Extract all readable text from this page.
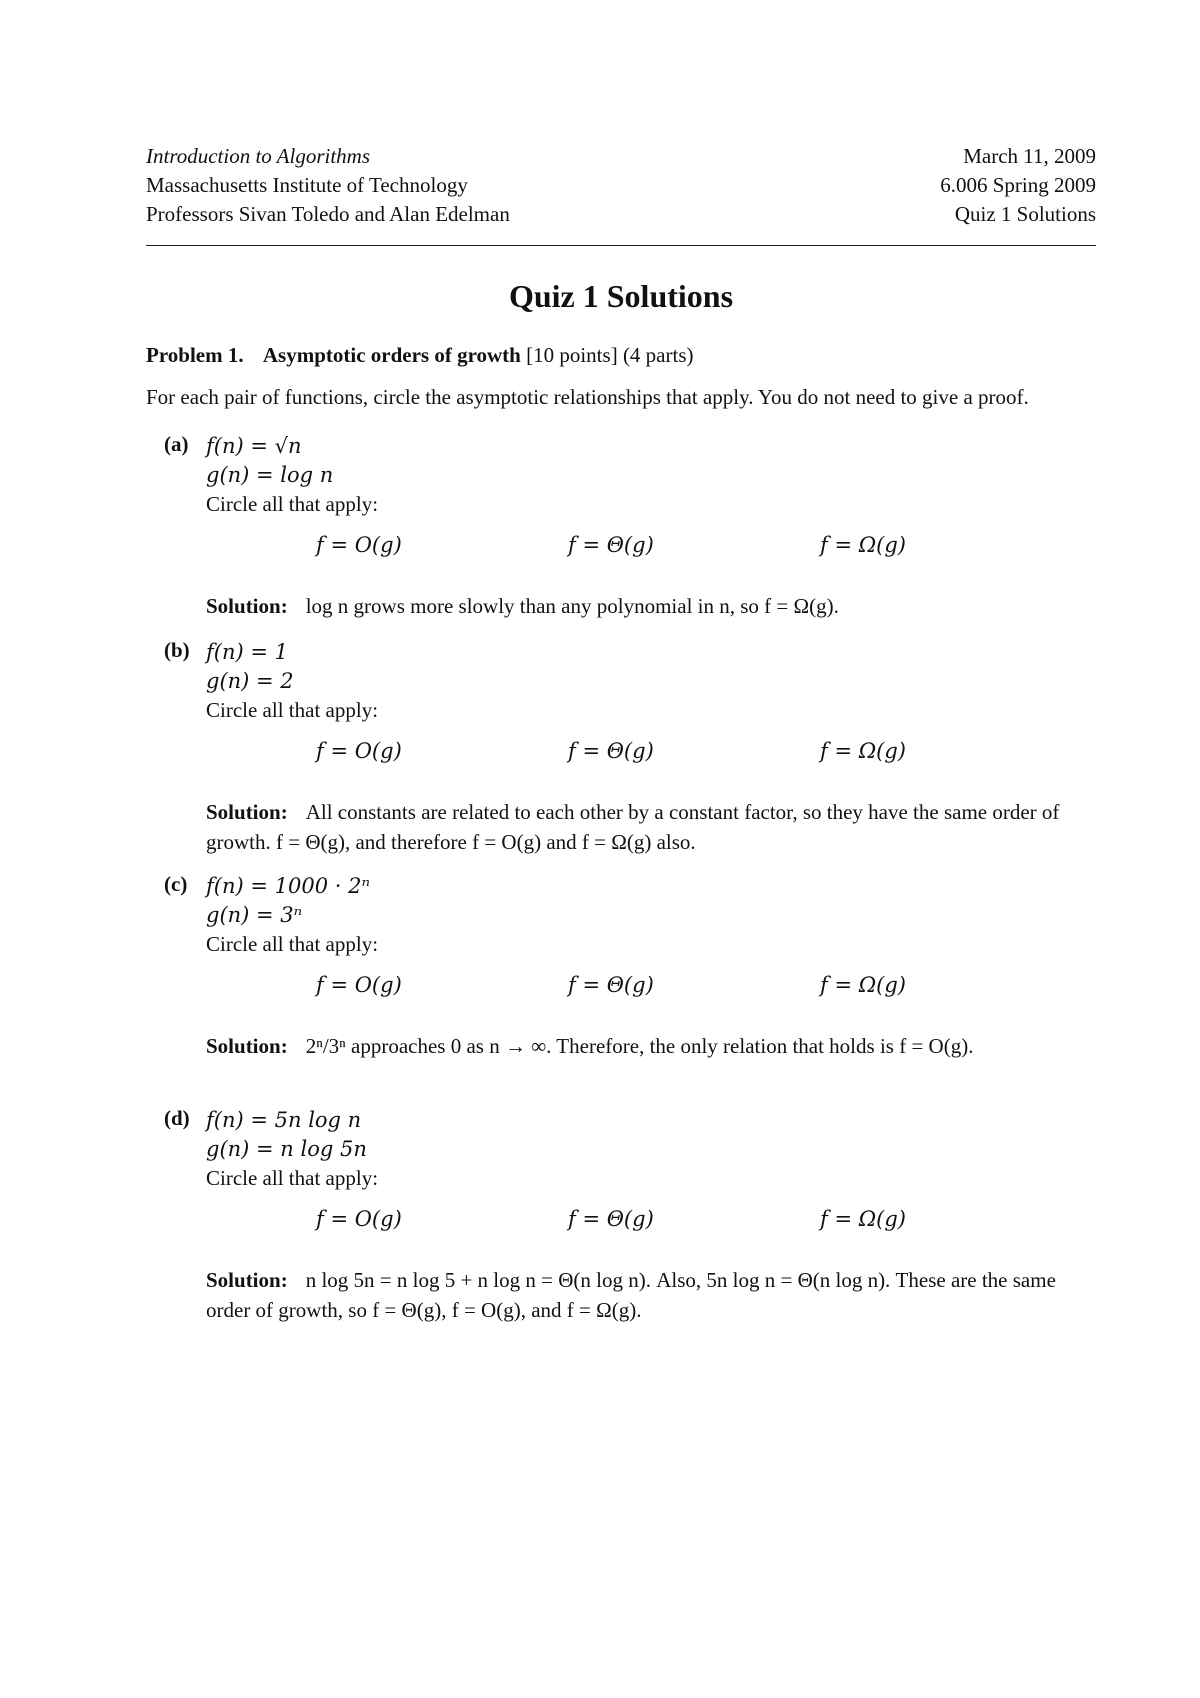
Introduction to Algorithms	March 11, 2009
Massachusetts Institute of Technology	6.006 Spring 2009
Professors Sivan Toledo and Alan Edelman	Quiz 1 Solutions
Quiz 1 Solutions
Problem 1. Asymptotic orders of growth [10 points] (4 parts)
For each pair of functions, circle the asymptotic relationships that apply. You do not need to give a proof.
(a) f(n) = √n
g(n) = log n
Circle all that apply:
f = O(g)	f = Θ(g)	f = Ω(g)
Solution: log n grows more slowly than any polynomial in n, so f = Ω(g).
(b) f(n) = 1
g(n) = 2
Circle all that apply:
f = O(g)	f = Θ(g)	f = Ω(g)
Solution: All constants are related to each other by a constant factor, so they have the same order of growth. f = Θ(g), and therefore f = O(g) and f = Ω(g) also.
(c) f(n) = 1000 · 2ⁿ
g(n) = 3ⁿ
Circle all that apply:
f = O(g)	f = Θ(g)	f = Ω(g)
Solution: 2ⁿ/3ⁿ approaches 0 as n → ∞. Therefore, the only relation that holds is f = O(g).
(d) f(n) = 5n log n
g(n) = n log 5n
Circle all that apply:
f = O(g)	f = Θ(g)	f = Ω(g)
Solution: n log 5n = n log 5 + n log n = Θ(n log n). Also, 5n log n = Θ(n log n). These are the same order of growth, so f = Θ(g), f = O(g), and f = Ω(g).
